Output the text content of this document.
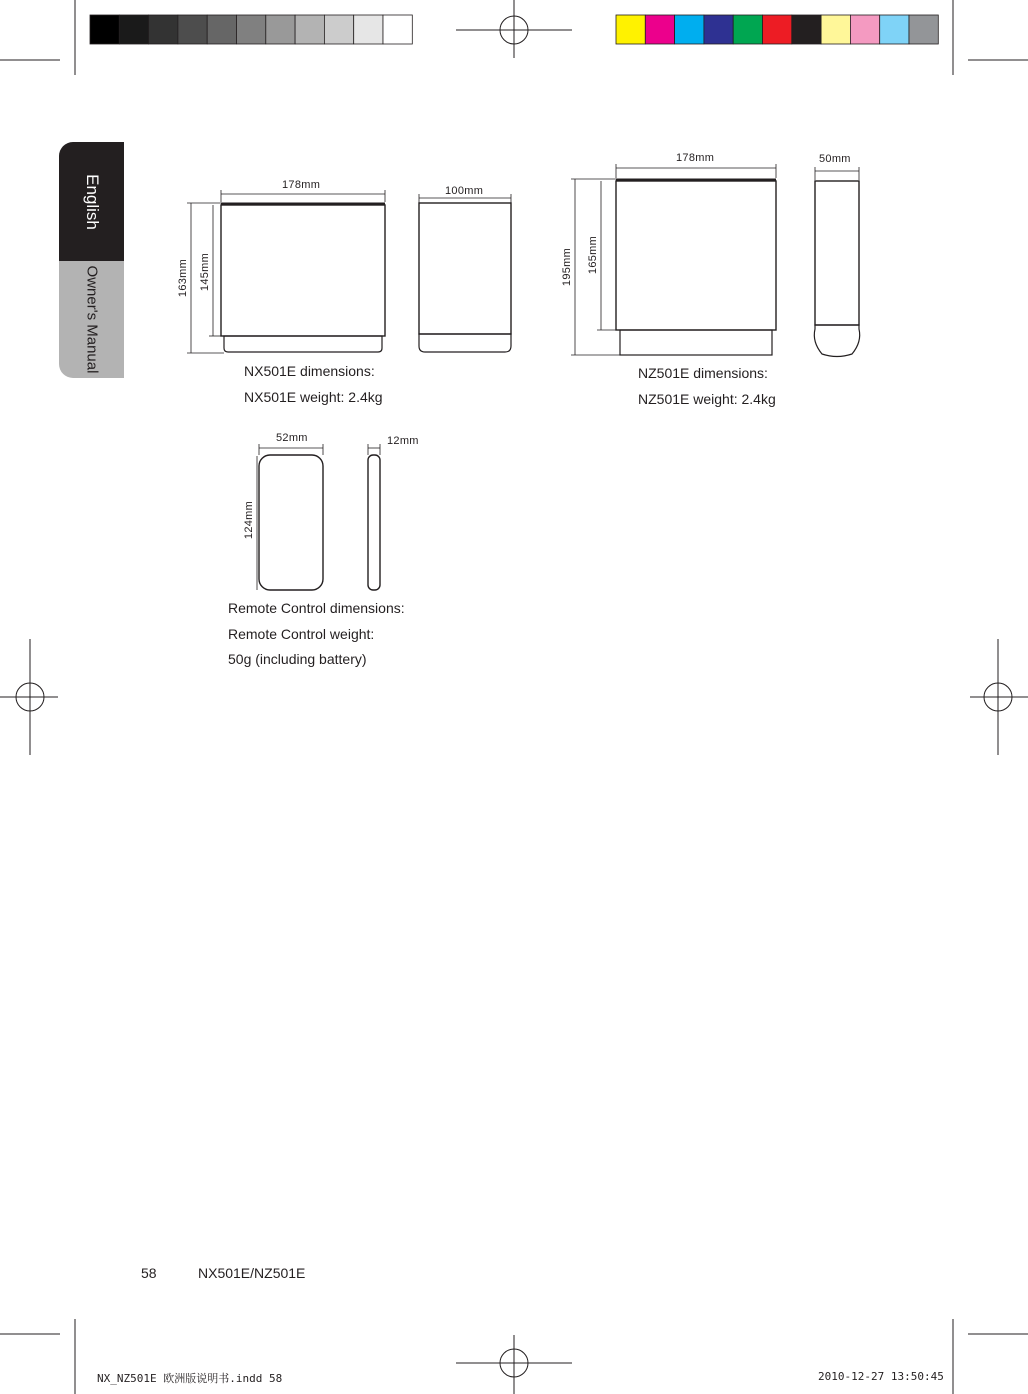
English
Owner's Manual
178mm	100mm
163mm 145mm
NX501E dimensions:
NX501E weight: 2.4kg
178mm	50mm
195mm 165mm
NZ501E dimensions:
NZ501E weight: 2.4kg
52mm	12mm
124mm
Remote Control dimensions:
Remote Control weight:
50g (including battery)
58	NX501E/NZ501E
NX_NZ501E 欧洲版说明书.indd 58	2010-12-27 13:50:45
